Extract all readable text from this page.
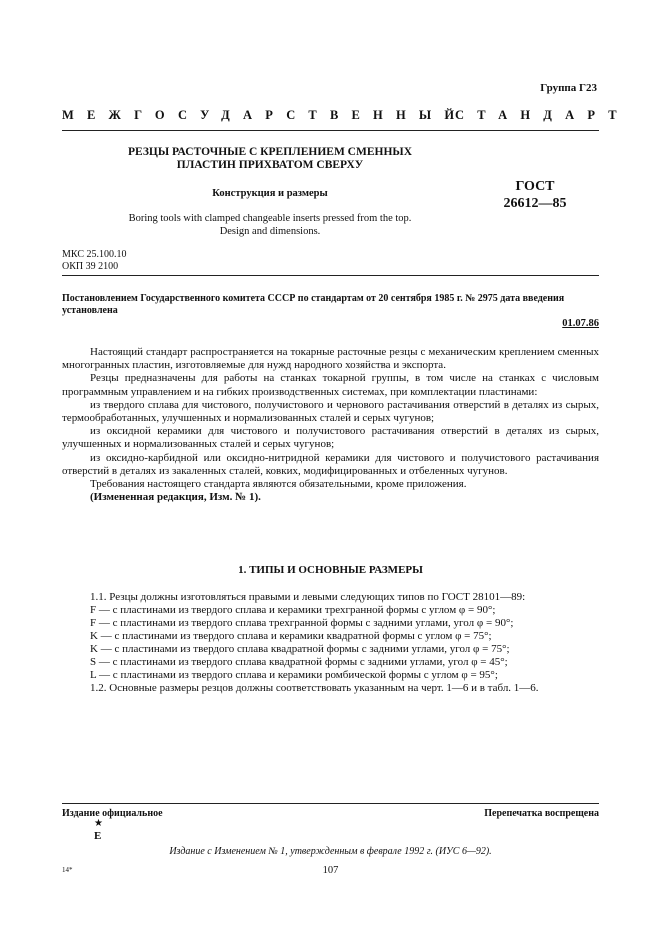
Группа Г23
МЕЖГОСУДАРСТВЕННЫЙ
СТАНДАРТ
РЕЗЦЫ РАСТОЧНЫЕ С КРЕПЛЕНИЕМ СМЕННЫХ
ПЛАСТИН ПРИХВАТОМ СВЕРХУ
ГОСТ
26612—85
Конструкция и размеры
Boring tools with clamped changeable inserts pressed from the top.
Design and dimensions.
МКС 25.100.10
ОКП 39 2100
Постановлением Государственного комитета СССР по стандартам от 20 сентября 1985 г. № 2975 дата введения установлена
01.07.86

Настоящий стандарт распространяется на токарные расточные резцы с механическим креплением сменных многогранных пластин, изготовляемые для нужд народного хозяйства и экспорта.

Резцы предназначены для работы на станках токарной группы, в том числе на станках с числовым программным управлением и на гибких производственных системах, при комплектации пластинами:

из твердого сплава для чистового, получистового и чернового растачивания отверстий в деталях из сырых, термообработанных, улучшенных и нормализованных сталей и серых чугунов;

из оксидной керамики для чистового и получистового растачивания отверстий в деталях из сырых, улучшенных и нормализованных сталей и серых чугунов;

из оксидно-карбидной или оксидно-нитридной керамики для чистового и получистового растачивания отверстий в деталях из закаленных сталей, ковких, модифицированных и отбеленных чугунов.

Требования настоящего стандарта являются обязательными, кроме приложения.

(Измененная редакция, Изм. № 1).

1. ТИПЫ И ОСНОВНЫЕ РАЗМЕРЫ
1.1. Резцы должны изготовляться правыми и левыми следующих типов по ГОСТ 28101—89:
F — с пластинами из твердого сплава и керамики трехгранной формы с углом φ = 90°;
F — с пластинами из твердого сплава трехгранной формы с задними углами, угол φ = 90°;
K — с пластинами из твердого сплава и керамики квадратной формы с углом φ = 75°;
K — с пластинами из твердого сплава квадратной формы с задними углами, угол φ = 75°;
S — с пластинами из твердого сплава квадратной формы с задними углами, угол φ = 45°;
L — с пластинами из твердого сплава и керамики ромбической формы с углом φ = 95°;
1.2. Основные размеры резцов должны соответствовать указанным на черт. 1—6 и в табл. 1—6.
Издание официальное	Перепечатка воспрещена
★
Е
Издание с Изменением № 1, утвержденным в феврале 1992 г. (ИУС 6—92).
14*	107
